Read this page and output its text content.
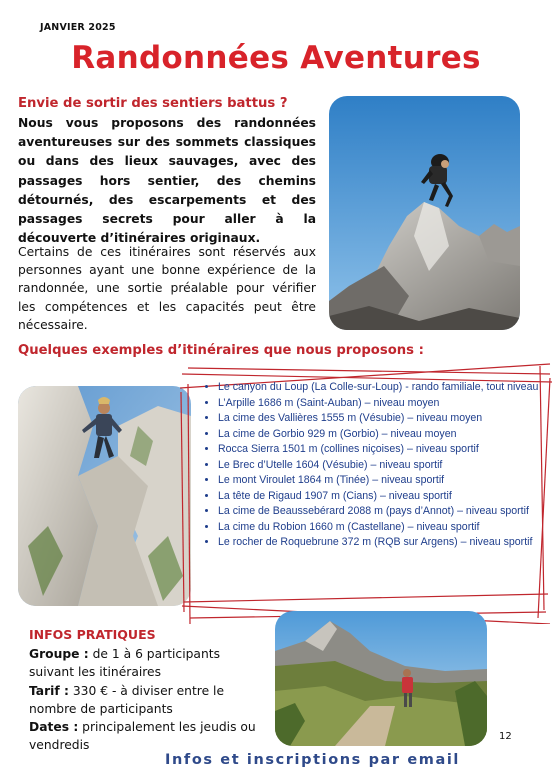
JANVIER 2025
Randonnées Aventures
Envie de sortir des sentiers battus ?
Nous vous proposons des randonnées aventureuses sur des sommets classiques ou dans des lieux sauvages, avec des passages hors sentier, des chemins détournés, des escarpements et des passages secrets pour aller à la découverte d’itinéraires originaux.
Certains de ces itinéraires sont réservés aux personnes ayant une bonne expérience de la randonnée, une sortie préalable pour vérifier les compétences et les capacités peut être nécessaire.
Quelques exemples d’itinéraires que nous proposons :
• Le canyon du Loup (La Colle-sur-Loup) - rando familiale, tout niveau
• L’Arpille 1686 m (Saint-Auban) – niveau moyen
• La cime des Vallières 1555 m (Vésubie) – niveau moyen
• La cime de Gorbio 929 m (Gorbio) – niveau moyen
• Rocca Sierra 1501 m (collines niçoises) – niveau sportif
• Le Brec d’Utelle 1604 (Vésubie) – niveau sportif
• Le mont Viroulet 1864 m (Tinée) – niveau sportif
• La tête de Rigaud 1907 m (Cians) – niveau sportif
• La cime de Beaussebérard 2088 m (pays d’Annot) – niveau sportif
• La cime du Robion 1660 m (Castellane) – niveau sportif
• Le rocher de Roquebrune 372 m (RQB sur Argens) – niveau sportif
INFOS PRATIQUES
Groupe : de 1 à 6 participants suivant les itinéraires
Tarif : 330 € - à diviser entre le nombre de participants
Dates : principalement les jeudis ou vendredis
12
Infos et inscriptions par email
